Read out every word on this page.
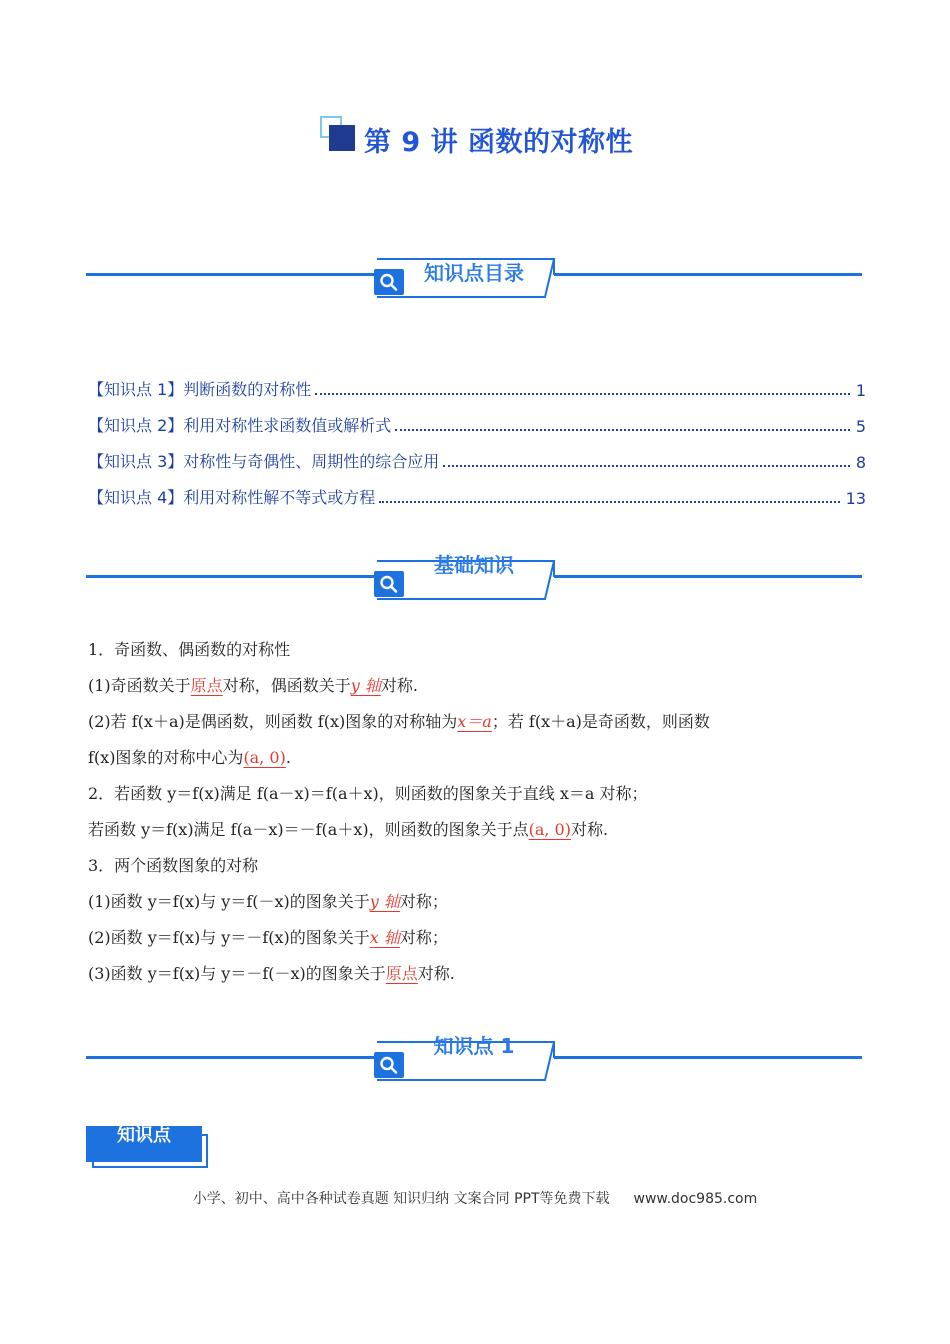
第 9 讲 函数的对称性
知识点目录
【知识点 1】判断函数的对称性	1
【知识点 2】利用对称性求函数值或解析式	5
【知识点 3】对称性与奇偶性、周期性的综合应用	8
【知识点 4】利用对称性解不等式或方程	13
基础知识
1．奇函数、偶函数的对称性
(1)奇函数关于原点对称，偶函数关于y 轴对称.
(2)若 f(x＋a)是偶函数，则函数 f(x)图象的对称轴为x＝a；若 f(x＋a)是奇函数，则函数
f(x)图象的对称中心为(a, 0).
2．若函数 y＝f(x)满足 f(a－x)＝f(a＋x)，则函数的图象关于直线 x＝a 对称；
若函数 y＝f(x)满足 f(a－x)＝－f(a＋x)，则函数的图象关于点(a, 0)对称.
3．两个函数图象的对称
(1)函数 y＝f(x)与 y＝f(－x)的图象关于y 轴对称；
(2)函数 y＝f(x)与 y＝－f(x)的图象关于x 轴对称；
(3)函数 y＝f(x)与 y＝－f(－x)的图象关于原点对称.
知识点 1
知识点
小学、初中、高中各种试卷真题 知识归纳 文案合同 PPT等免费下载 www.doc985.com
